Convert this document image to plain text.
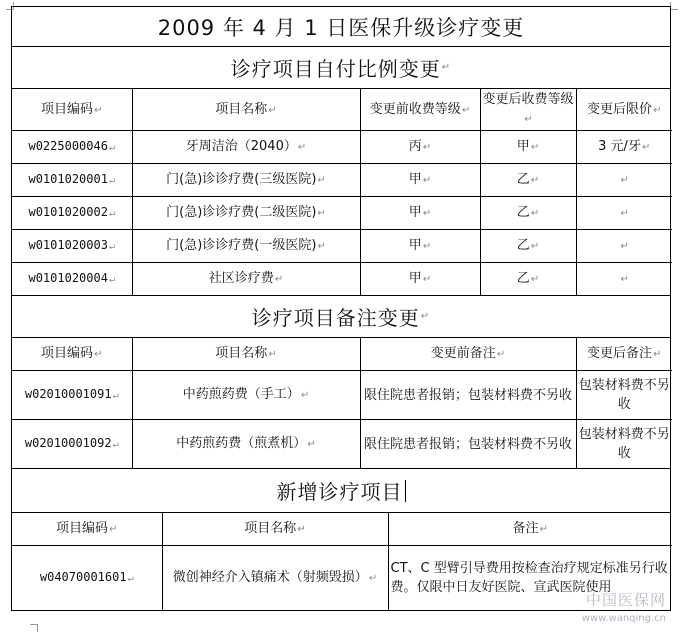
2009 年 4 月 1 日医保升级诊疗变更
诊疗项目自付比例变更 ↵
项目编码↵	项目名称↵	变更前收费等级↵	变更后收费等级↵	变更后限价↵
w0225000046↵	牙周洁治（2040）↵	丙↵	甲↵	3 元/牙↵
w0101020001↵	门(急)诊诊疗费(三级医院)↵	甲↵	乙↵	↵
w0101020002↵	门(急)诊诊疗费(二级医院)↵	甲↵	乙↵	↵
w0101020003↵	门(急)诊诊疗费(一级医院)↵	甲↵	乙↵	↵
w0101020004↵	社区诊疗费↵	甲↵	乙↵	↵
诊疗项目备注变更 ↵
项目编码↵	项目名称↵	变更前备注↵	变更后备注↵
w02010001091↵	中药煎药费（手工）↵	限住院患者报销；包装材料费不另收	包装材料费不另收
w02010001092↵	中药煎药费（煎煮机）↵	限住院患者报销；包装材料费不另收	包装材料费不另收
新增诊疗项目
项目编码↵	项目名称↵	备注↵
w04070001601↵	微创神经介入镇痛术（射频毁损）↵	CT、C 型臂引导费用按检查治疗规定标准另行收费。仅限中日友好医院、宣武医院使用
中国医保网
www.wanqing.cn
